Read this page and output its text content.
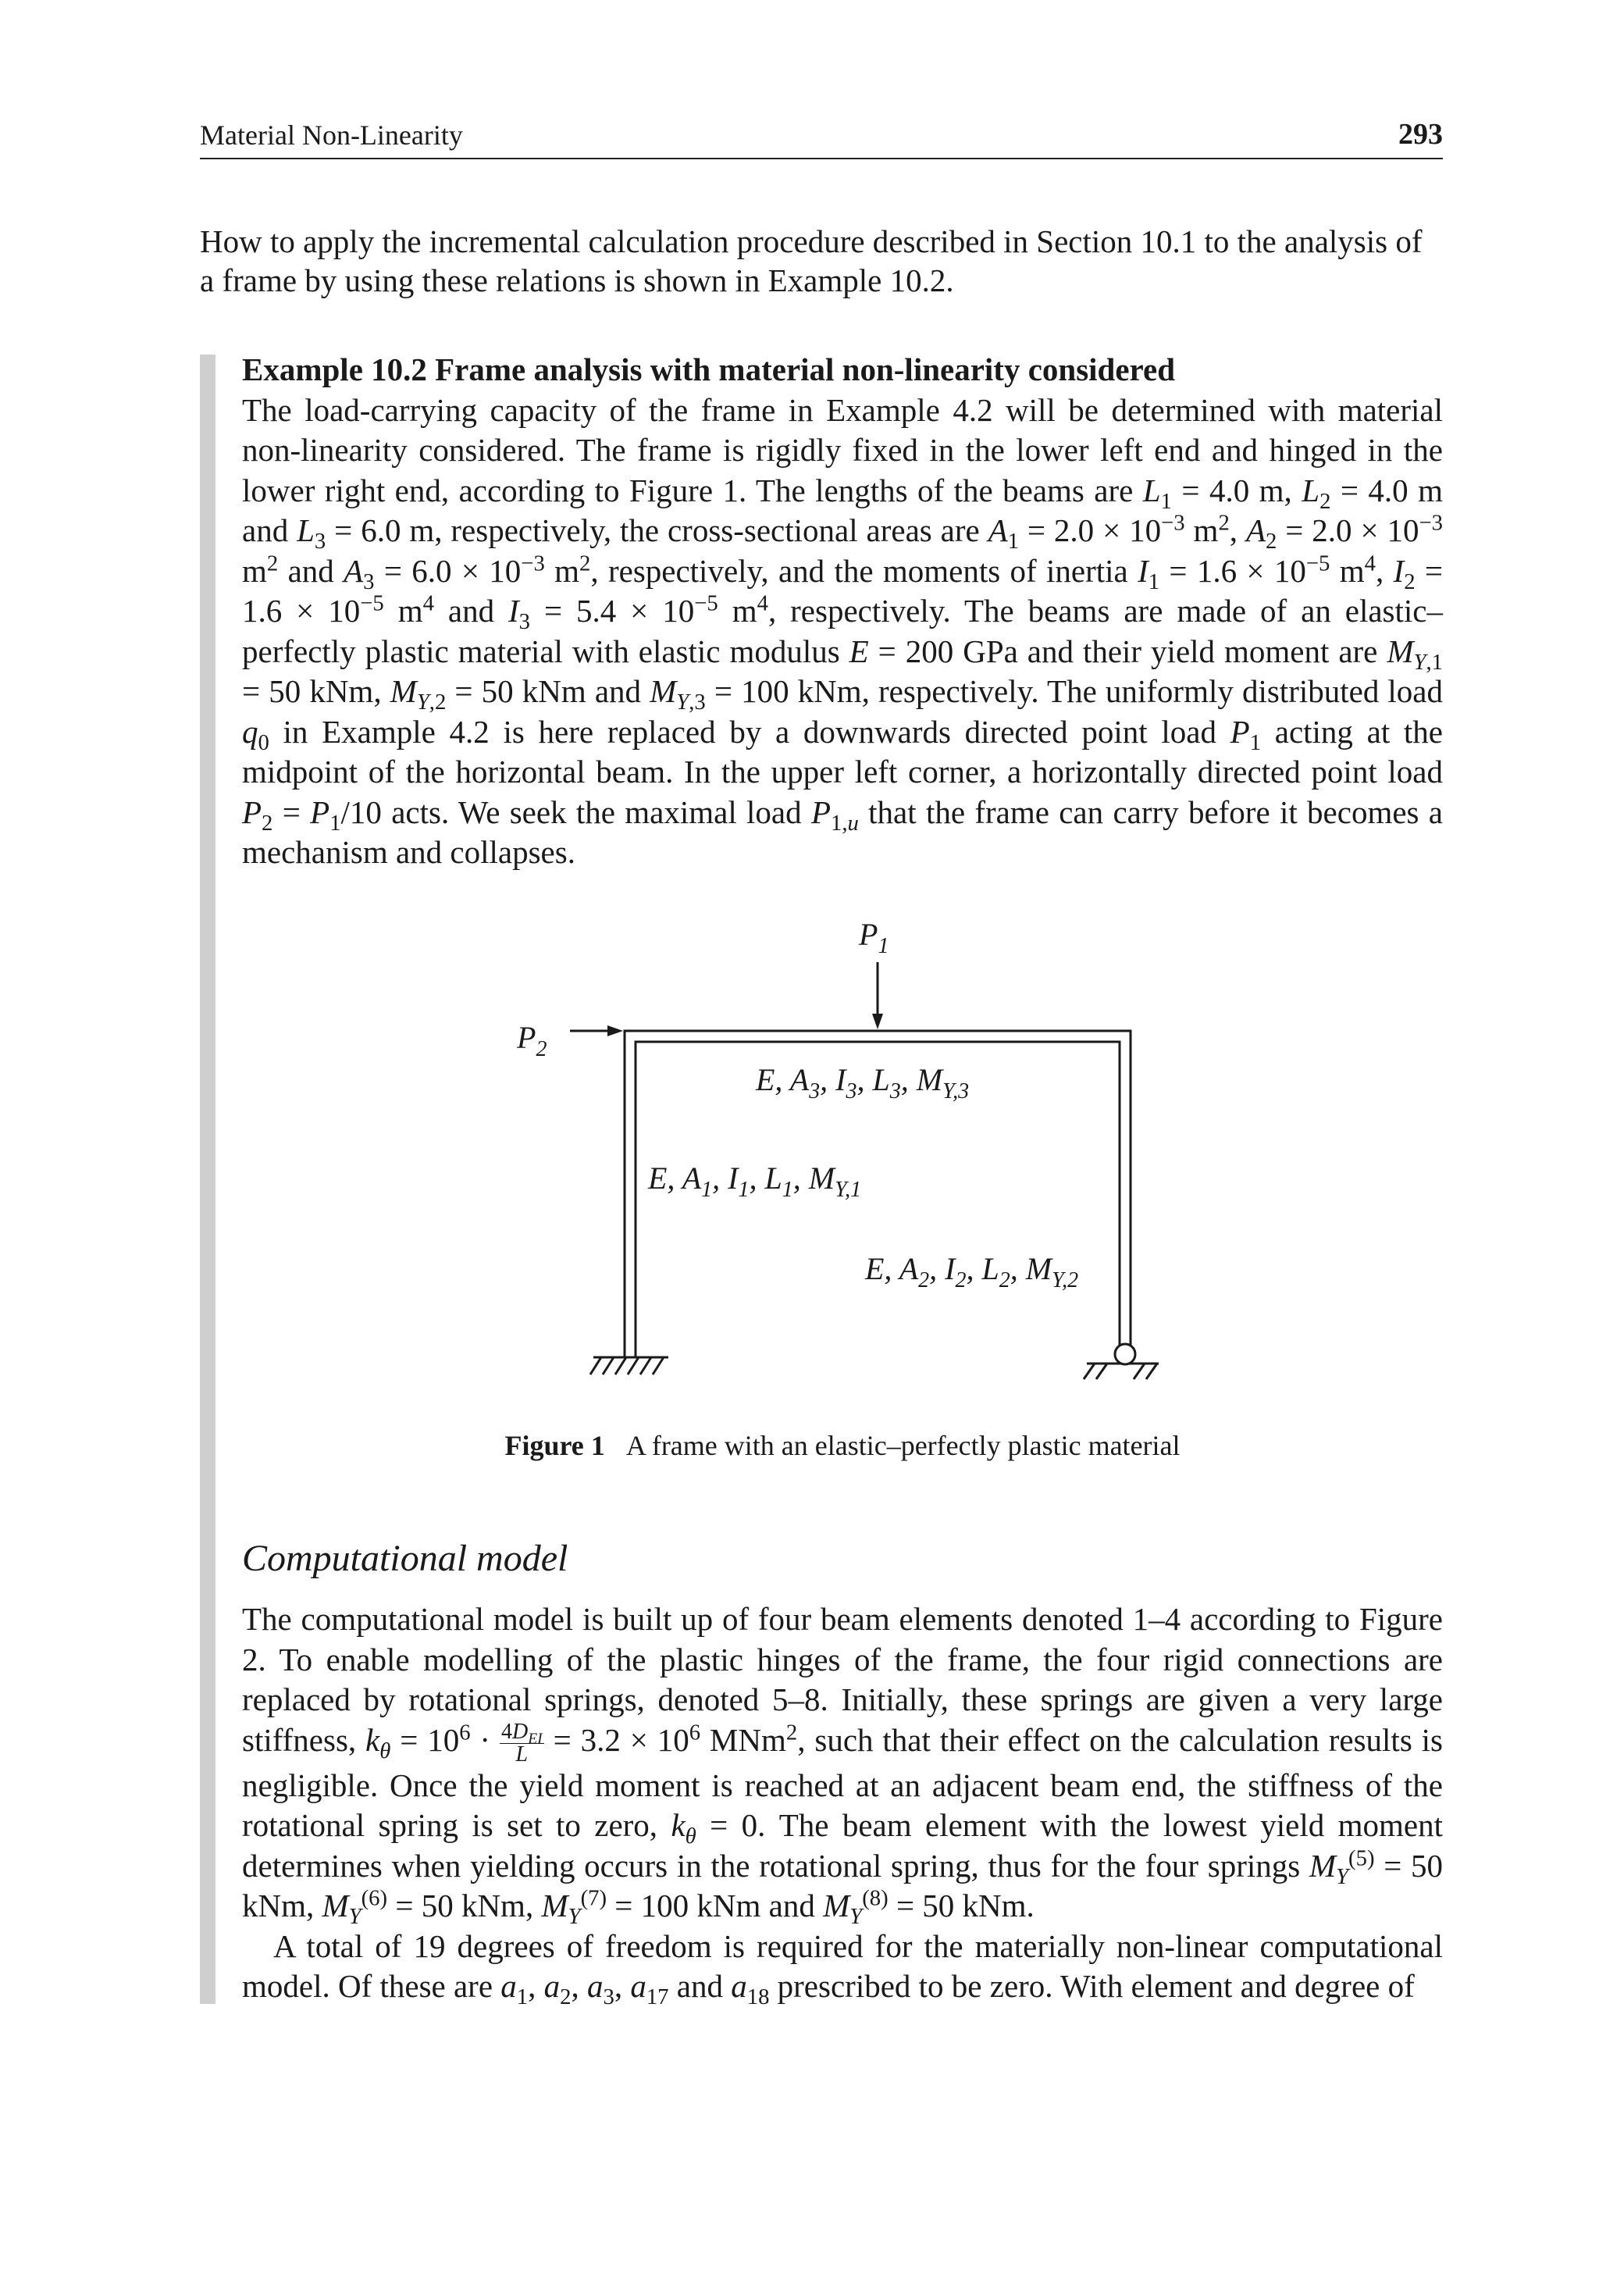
Material Non-Linearity	293

How to apply the incremental calculation procedure described in Section 10.1 to the analysis of a frame by using these relations is shown in Example 10.2.

Example 10.2 Frame analysis with material non-linearity considered
The load-carrying capacity of the frame in Example 4.2 will be determined with material non-linearity considered. The frame is rigidly fixed in the lower left end and hinged in the lower right end, according to Figure 1. The lengths of the beams are $L_1 = 4.0$ m, $L_2 = 4.0$ m and $L_3 = 6.0$ m, respectively, the cross-sectional areas are $A_1 = 2.0 \times 10^{-3}$ $m^2$, $A_2 = 2.0 \times 10^{-3}$ $m^2$ and $A_3 = 6.0 \times 10^{-3}$ $m^2$, respectively, and the moments of inertia $I_1 = 1.6 \times 10^{-5}$ $m^4$, $I_2 = 1.6 \times 10^{-5}$ $m^4$ and $I_3 = 5.4 \times 10^{-5}$ $m^4$, respectively. The beams are made of an elastic–perfectly plastic material with elastic modulus E = 200 GPa and their yield moment are $M_{Y,1} = 50$ kNm, $M_{Y,2} = 50$ kNm and $M_{Y,3} = 100$ kNm, respectively. The uniformly distributed load $q_0$ in Example 4.2 is here replaced by a downwards directed point load $P_1$ acting at the midpoint of the horizontal beam. In the upper left corner, a horizontally directed point load $P_2 = P_1/10$ acts. We seek the maximal load $P_{1,u}$ that the frame can carry before it becomes a mechanism and collapses.
$P_1$
$P_2$
E, $A_3$, $I_3$, $L_3$, $M_{Y,3}$
E, $A_1$, $I_1$, $L_1$, $M_{Y,1}$
E, $A_2$, $I_2$, $L_2$, $M_{Y,2}$
Figure 1 A frame with an elastic–perfectly plastic material
Computational model

The computational model is built up of four beam elements denoted 1–4 according to Figure 2. To enable modelling of the plastic hinges of the frame, the four rigid connections are replaced by rotational springs, denoted 5–8. Initially, these springs are given a very large stiffness, $k_\theta = 10^6 \cdot \frac{4D_{EI}}{L} = 3.2 \times 10^6$ MNm$^2$, such that their effect on the calculation results is negligible. Once the yield moment is reached at an adjacent beam end, the stiffness of the rotational spring is set to zero, $k_\theta = 0$. The beam element with the lowest yield moment determines when yielding occurs in the rotational spring, thus for the four springs $M_Y^{(5)} = 50$ kNm, $M_Y^{(6)} = 50$ kNm, $M_Y^{(7)} = 100$ kNm and $M_Y^{(8)} = 50$ kNm.

A total of 19 degrees of freedom is required for the materially non-linear computational model. Of these are $a_1$, $a_2$, $a_3$, $a_{17}$ and $a_{18}$ prescribed to be zero. With element and degree of
